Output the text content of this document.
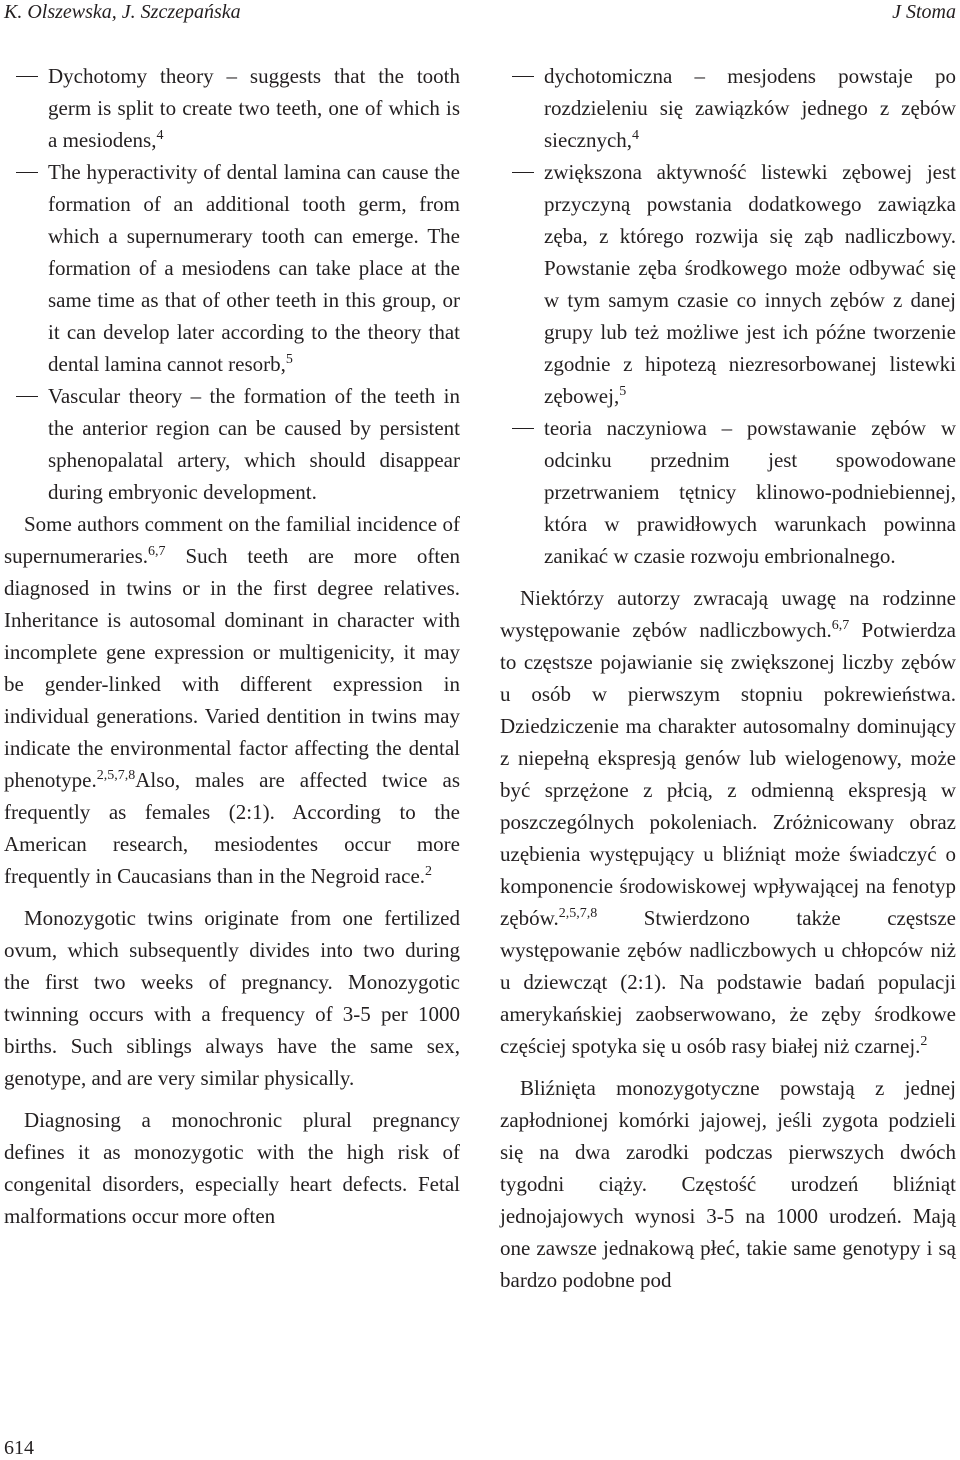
K. Olszewska, J. Szczepańska	J Stoma
Dychotomy theory – suggests that the tooth germ is split to create two teeth, one of which is a mesiodens,$^4$
The hyperactivity of dental lamina can cause the formation of an additional tooth germ, from which a supernumerary tooth can emerge. The formation of a mesiodens can take place at the same time as that of other teeth in this group, or it can develop later according to the theory that dental lamina cannot resorb,$^5$
Vascular theory – the formation of the teeth in the anterior region can be caused by persistent sphenopalatal artery, which should disappear during embryonic development.

Some authors comment on the familial incidence of supernumeraries.$^{6,7}$ Such teeth are more often diagnosed in twins or in the first degree relatives. Inheritance is autosomal dominant in character with incomplete gene expression or multigenicity, it may be gender-linked with different expression in individual generations. Varied dentition in twins may indicate the environmental factor affecting the dental phenotype.$^{2,5,7,8}$Also, males are affected twice as frequently as females (2:1). According to the American research, mesiodentes occur more frequently in Caucasians than in the Negroid race.$^2$

Monozygotic twins originate from one fertilized ovum, which subsequently divides into two during the first two weeks of pregnancy. Monozygotic twinning occurs with a frequency of 3-5 per 1000 births. Such siblings always have the same sex, genotype, and are very similar physically.

Diagnosing a monochronic plural pregnancy defines it as monozygotic with the high risk of congenital disorders, especially heart defects. Fetal malformations occur more often

dychotomiczna – mesjodens powstaje po rozdzieleniu się zawiązków jednego z zębów siecznych,$^4$
zwiększona aktywność listewki zębowej jest przyczyną powstania dodatkowego zawiązka zęba, z którego rozwija się ząb nadliczbowy. Powstanie zęba środkowego może odbywać się w tym samym czasie co innych zębów z danej grupy lub też możliwe jest ich późne tworzenie zgodnie z hipotezą niezresorbowanej listewki zębowej,$^5$
teoria naczyniowa – powstawanie zębów w odcinku przednim jest spowodowane przetrwaniem tętnicy klinowo-podniebiennej, która w prawidłowych warunkach powinna zanikać w czasie rozwoju embrionalnego.

Niektórzy autorzy zwracają uwagę na rodzinne występowanie zębów nadliczbowych.$^{6,7}$ Potwierdza to częstsze pojawianie się zwiększonej liczby zębów u osób w pierwszym stopniu pokrewieństwa. Dziedziczenie ma charakter autosomalny dominujący z niepełną ekspresją genów lub wielogenowy, może być sprzężone z płcią, z odmienną ekspresją w poszczególnych pokoleniach. Zróżnicowany obraz uzębienia występujący u bliźniąt może świadczyć o komponencie środowiskowej wpływającej na fenotyp zębów.$^{2,5,7,8}$ Stwierdzono także częstsze występowanie zębów nadliczbowych u chłopców niż u dziewcząt (2:1). Na podstawie badań populacji amerykańskiej zaobserwowano, że zęby środkowe częściej spotyka się u osób rasy białej niż czarnej.$^2$

Bliźnięta monozygotyczne powstają z jednej zapłodnionej komórki jajowej, jeśli zygota podzieli się na dwa zarodki podczas pierwszych dwóch tygodni ciąży. Częstość urodzeń bliźniąt jednojajowych wynosi 3-5 na 1000 urodzeń. Mają one zawsze jednakową płeć, takie same genotypy i są bardzo podobne pod

614
